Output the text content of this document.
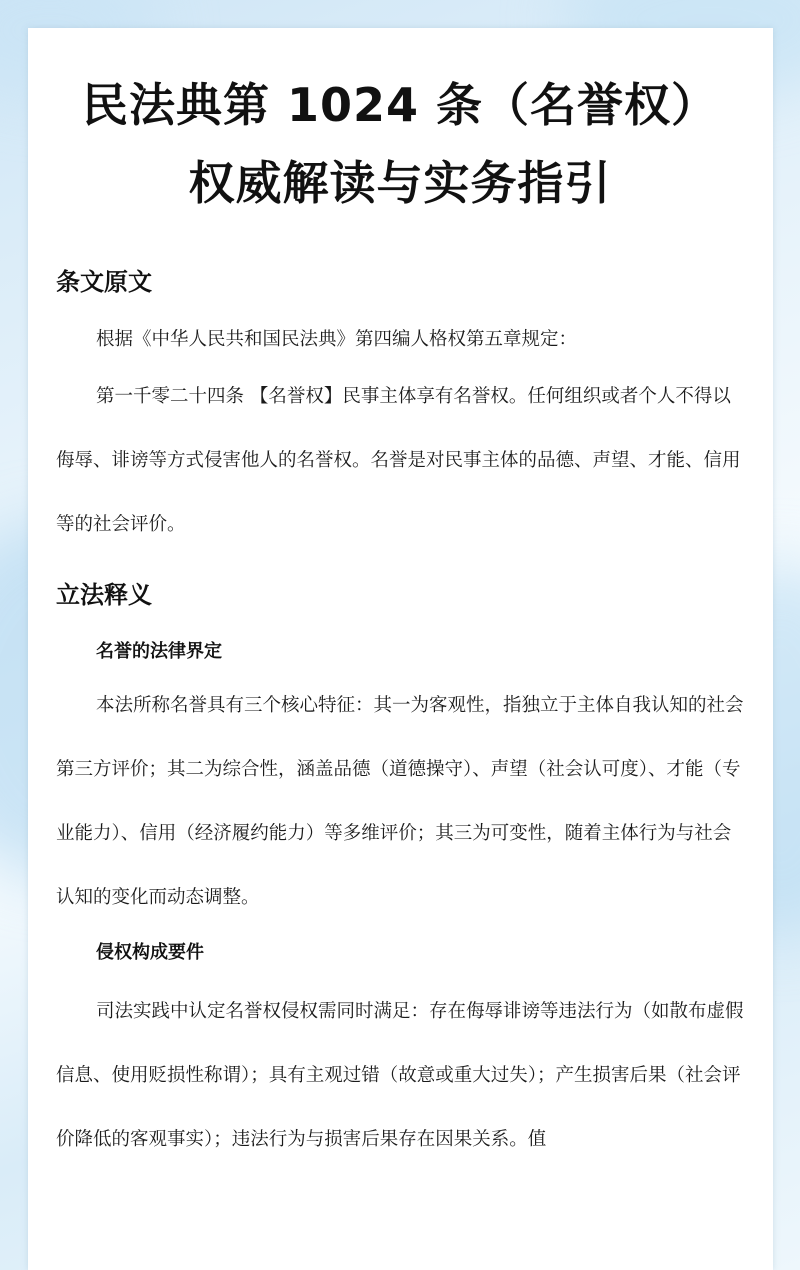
民法典第 1024 条（名誉权）
权威解读与实务指引
条文原文

根据《中华人民共和国民法典》第四编人格权第五章规定：

第一千零二十四条 【名誉权】民事主体享有名誉权。任何组织或者个人不得以侮辱、诽谤等方式侵害他人的名誉权。名誉是对民事主体的品德、声望、才能、信用等的社会评价。

立法释义
名誉的法律界定

本法所称名誉具有三个核心特征：其一为客观性，指独立于主体自我认知的社会第三方评价；其二为综合性，涵盖品德（道德操守）、声望（社会认可度）、才能（专业能力）、信用（经济履约能力）等多维评价；其三为可变性，随着主体行为与社会认知的变化而动态调整。

侵权构成要件

司法实践中认定名誉权侵权需同时满足：存在侮辱诽谤等违法行为（如散布虚假信息、使用贬损性称谓）；具有主观过错（故意或重大过失）；产生损害后果（社会评价降低的客观事实）；违法行为与损害后果存在因果关系。值
